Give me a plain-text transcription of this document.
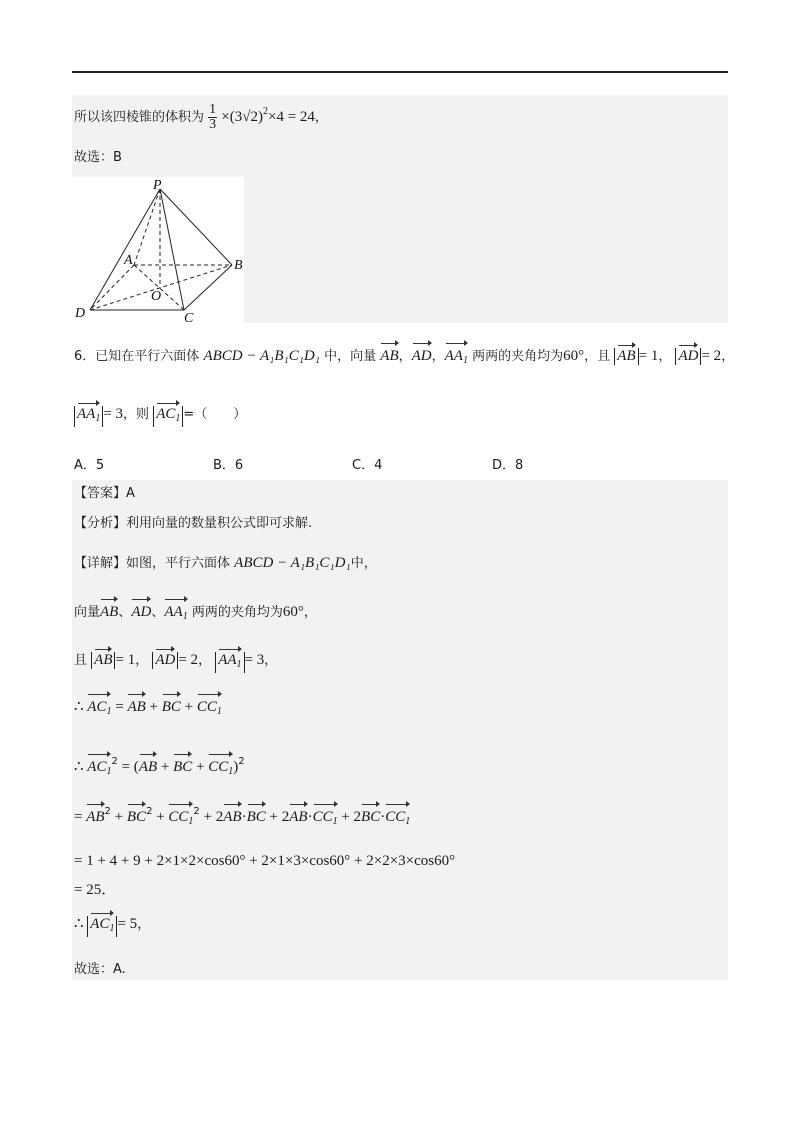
所以该四棱锥的体积为 $\frac{1}{3} \times(3√2)^2\times 4 = 24$，
故选：B
P
A	B
C
D
O
6．已知在平行六面体 ABCD − A₁B₁C₁D₁ 中，向量 AB，AD，$AA_1$ 两两的夹角均为60°，且 AB = 1， AD = 2，
$AA_1 = 3$，则 $AC_1$ =（　　）
A．5	B．6	C．4	D．8
【答案】A
【分析】利用向量的数量积公式即可求解.
【详解】如图，平行六面体 ABCD − A₁B₁C₁D₁中，
向量AB、AD、$AA_1$ 两两的夹角均为60°，
且 AB = 1， AD = 2， $AA_1 = 3$，
∴ $AC_1$ = AB + BC + $CC_1$
∴ $AC_1^2 = (AB$ + BC + $CC_1)^2$
= $AB^2 + BC^2 + CC_1^2 + 2AB\cdot BC + 2AB\cdot CC_1 + 2BC\cdot CC_1$
= 1 + 4 + 9 + 2×1×2×cos60° + 2×1×3×cos60° + 2×2×3×cos60°
= 25．
∴ $AC_1 = 5$，
故选：A.
